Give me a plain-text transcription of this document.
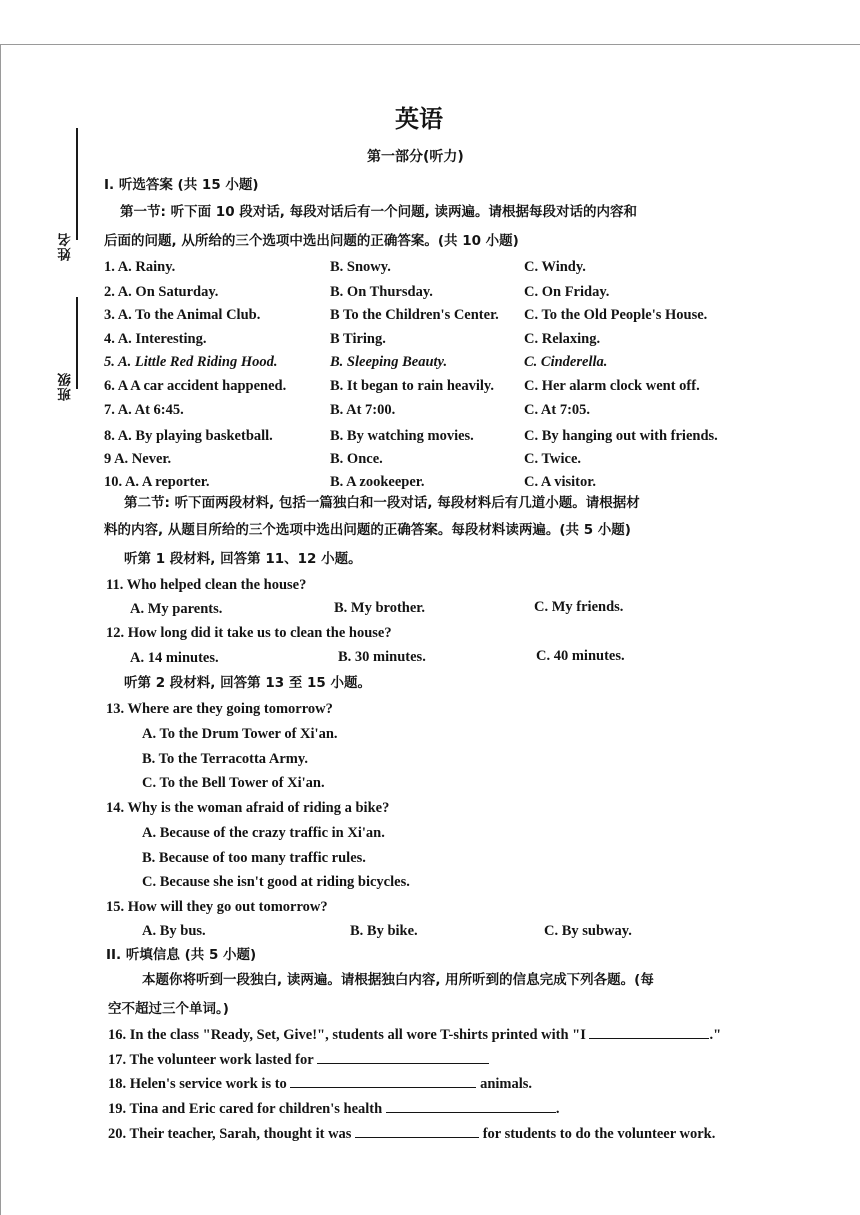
姓名
班级
英语
第一部分(听力)
I. 听选答案 (共 15 小题)
第一节: 听下面 10 段对话, 每段对话后有一个问题, 读两遍。请根据每段对话的内容和
后面的问题, 从所给的三个选项中选出问题的正确答案。(共 10 小题)
1. A. Rainy.	B. Snowy.	C. Windy.
2. A. On Saturday.	B. On Thursday.	C. On Friday.
3. A. To the Animal Club.	B To the Children's Center. C. To the Old People's House.
4. A. Interesting.	B Tiring.	C. Relaxing.
5. A. Little Red Riding Hood.	B. Sleeping Beauty.	C. Cinderella.
6. A A car accident happened.	B. It began to rain heavily. C. Her alarm clock went off.
7. A. At 6:45.	B. At 7:00.	C. At 7:05.
8. A. By playing basketball.	B. By watching movies.	C. By hanging out with friends.
9 A. Never.	B. Once.	C. Twice.
10. A. A reporter.	B. A zookeeper.	C. A visitor.
第二节: 听下面两段材料, 包括一篇独白和一段对话, 每段材料后有几道小题。请根据材
料的内容, 从题目所给的三个选项中选出问题的正确答案。每段材料读两遍。(共 5 小题)
听第 1 段材料, 回答第 11、12 小题。
11. Who helped clean the house?
A. My parents.	B. My brother.	C. My friends.
12. How long did it take us to clean the house?
A. 14 minutes.	B. 30 minutes.	C. 40 minutes.
听第 2 段材料, 回答第 13 至 15 小题。
13. Where are they going tomorrow?
A. To the Drum Tower of Xi'an.
B. To the Terracotta Army.
C. To the Bell Tower of Xi'an.
14. Why is the woman afraid of riding a bike?
A. Because of the crazy traffic in Xi'an.
B. Because of too many traffic rules.
C. Because she isn't good at riding bicycles.
15. How will they go out tomorrow?
A. By bus.	B. By bike.	C. By subway.
II. 听填信息 (共 5 小题)
本题你将听到一段独白, 读两遍。请根据独白内容, 用所听到的信息完成下列各题。(每
空不超过三个单词。)
16. In the class "Ready, Set, Give!", students all wore T-shirts printed with "I	."
17. The volunteer work lasted for
18. Helen's service work is to	animals.
19. Tina and Eric cared for children's health	.
20. Their teacher, Sarah, thought it was	for students to do the volunteer work.
